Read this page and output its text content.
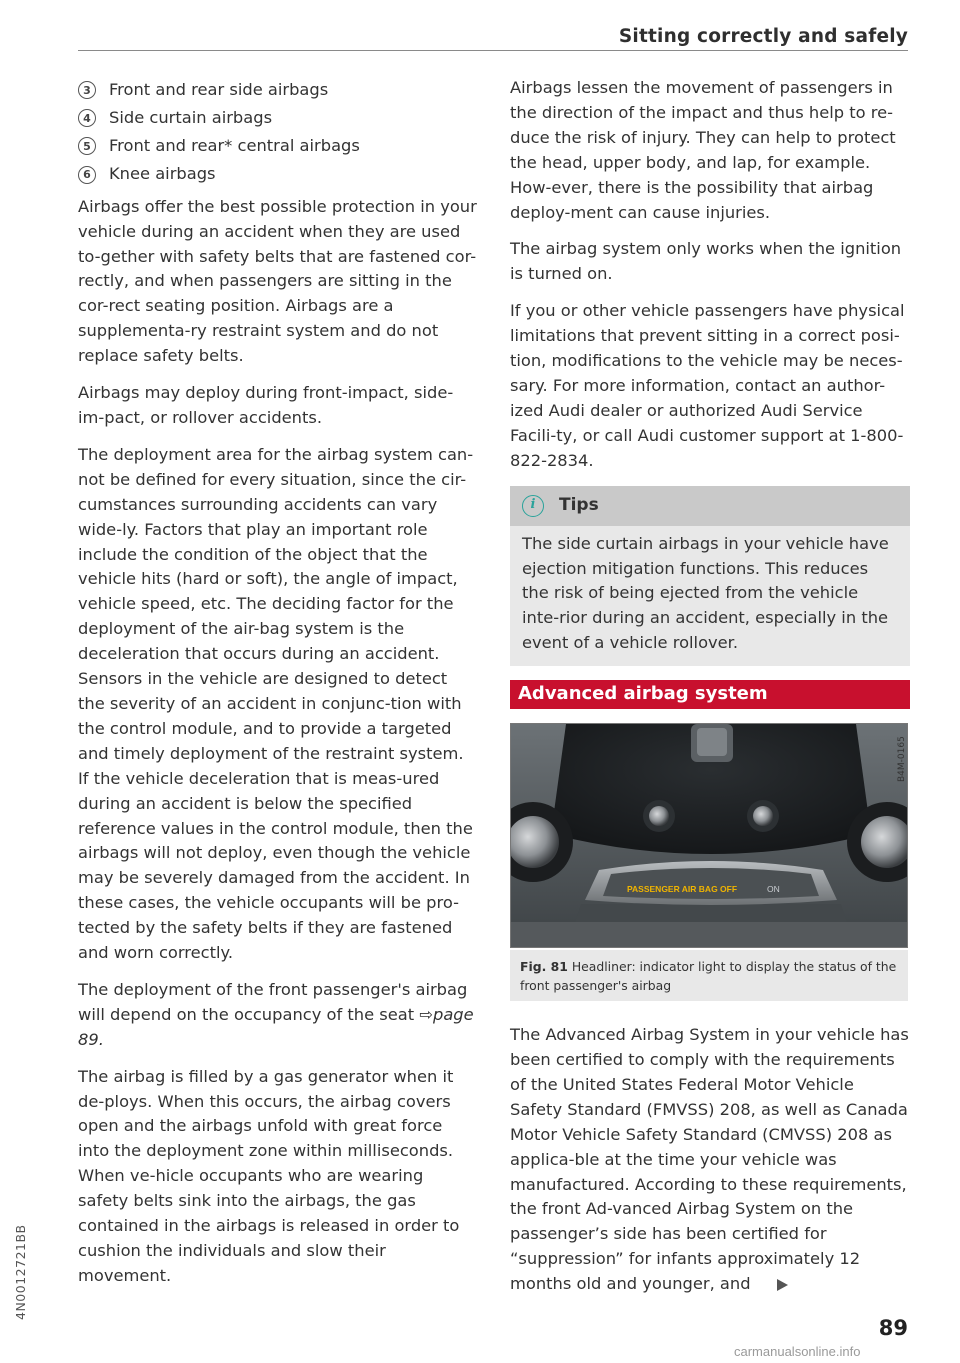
Sitting correctly and safely
3	Front and rear side airbags
4	Side curtain airbags
5	Front and rear* central airbags
6	Knee airbags

Airbags offer the best possible protection in your vehicle during an accident when they are used to-gether with safety belts that are fastened cor-rectly, and when passengers are sitting in the cor-rect seating position. Airbags are a supplementa-ry restraint system and do not replace safety belts.

Airbags may deploy during front-impact, side-im-pact, or rollover accidents.

The deployment area for the airbag system can-not be defined for every situation, since the cir-cumstances surrounding accidents can vary wide-ly. Factors that play an important role include the condition of the object that the vehicle hits (hard or soft), the angle of impact, vehicle speed, etc. The deciding factor for the deployment of the air-bag system is the deceleration that occurs during an accident. Sensors in the vehicle are designed to detect the severity of an accident in conjunc-tion with the control module, and to provide a targeted and timely deployment of the restraint system. If the vehicle deceleration that is meas-ured during an accident is below the specified reference values in the control module, then the airbags will not deploy, even though the vehicle may be severely damaged from the accident. In these cases, the vehicle occupants will be pro-tected by the safety belts if they are fastened and worn correctly.

The deployment of the front passenger's airbag will depend on the occupancy of the seat ⇨page 89.

The airbag is filled by a gas generator when it de-ploys. When this occurs, the airbag covers open and the airbags unfold with great force into the deployment zone within milliseconds. When ve-hicle occupants who are wearing safety belts sink into the airbags, the gas contained in the airbags is released in order to cushion the individuals and slow their movement.

Airbags lessen the movement of passengers in the direction of the impact and thus help to re-duce the risk of injury. They can help to protect the head, upper body, and lap, for example. How-ever, there is the possibility that airbag deploy-ment can cause injuries.

The airbag system only works when the ignition is turned on.

If you or other vehicle passengers have physical limitations that prevent sitting in a correct posi-tion, modifications to the vehicle may be neces-sary. For more information, contact an author-ized Audi dealer or authorized Audi Service Facili-ty, or call Audi customer support at 1-800-822-2834.

i	Tips
The side curtain airbags in your vehicle have ejection mitigation functions. This reduces the risk of being ejected from the vehicle inte-rior during an accident, especially in the event of a vehicle rollover.
Advanced airbag system
PASSENGER AIR BAG OFF	ON
B4M-0165
Fig. 81 Headliner: indicator light to display the status of the front passenger's airbag

The Advanced Airbag System in your vehicle has been certified to comply with the requirements of the United States Federal Motor Vehicle Safety Standard (FMVSS) 208, as well as Canada Motor Vehicle Safety Standard (CMVSS) 208 as applica-ble at the time your vehicle was manufactured. According to these requirements, the front Ad-vanced Airbag System on the passenger’s side has been certified for “suppression” for infants approximately 12 months old and younger, and

89
4N0012721BB
carmanualsonline.info
